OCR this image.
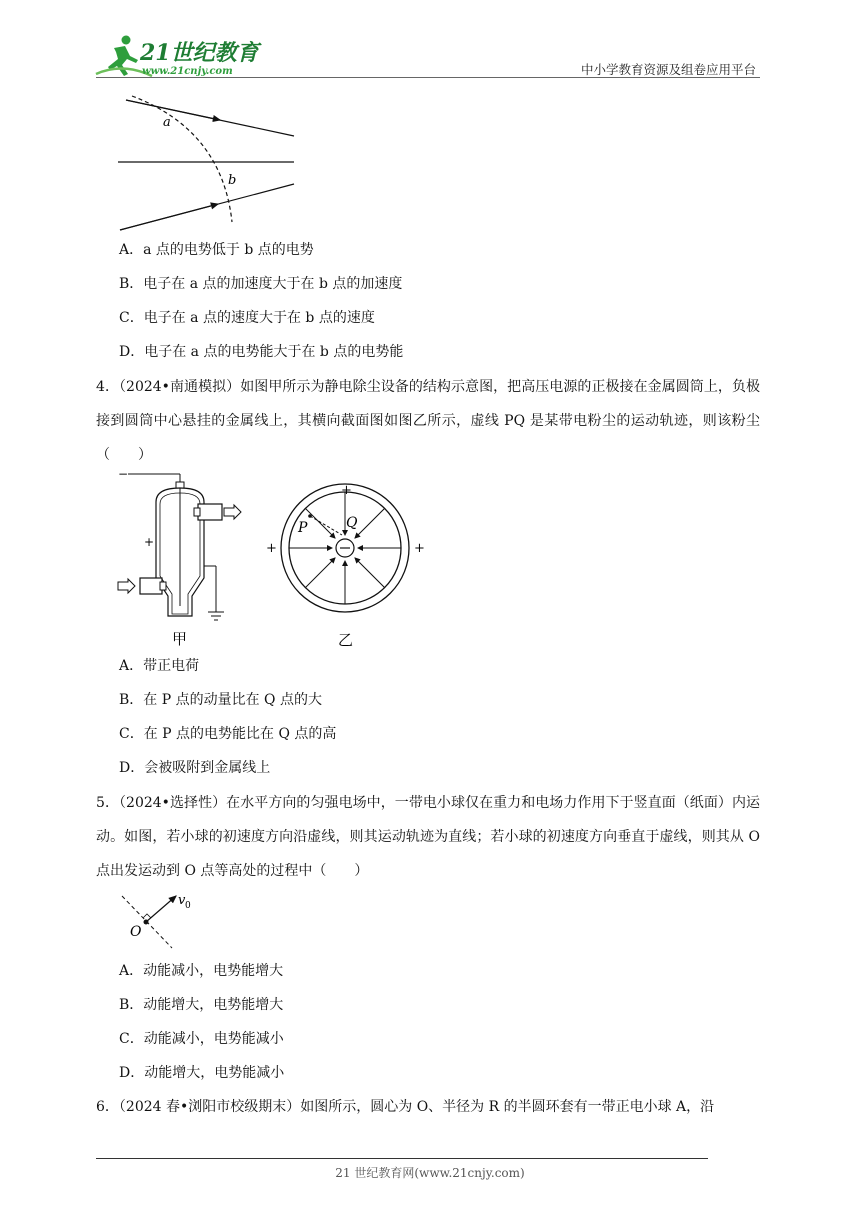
21世纪教育
www.21cnjy.com	中小学教育资源及组卷应用平台
a
b
A．a 点的电势低于 b 点的电势
B．电子在 a 点的加速度大于在 b 点的加速度
C．电子在 a 点的速度大于在 b 点的速度
D．电子在 a 点的电势能大于在 b 点的电势能
4．（2024•南通模拟）如图甲所示为静电除尘设备的结构示意图，把高压电源的正极接在金属圆筒上，负极接到圆筒中心悬挂的金属线上，其横向截面图如图乙所示，虚线 PQ 是某带电粉尘的运动轨迹，则该粉尘（　　）
−
+
甲
P	Q
+	+
+
乙
A．带正电荷
B．在 P 点的动量比在 Q 点的大
C．在 P 点的电势能比在 Q 点的高
D．会被吸附到金属线上
5．（2024•选择性）在水平方向的匀强电场中，一带电小球仅在重力和电场力作用下于竖直面（纸面）内运动。如图，若小球的初速度方向沿虚线，则其运动轨迹为直线；若小球的初速度方向垂直于虚线，则其从 O 点出发运动到 O 点等高处的过程中（　　）
O
v 0
A．动能减小，电势能增大
B．动能增大，电势能增大
C．动能减小，电势能减小
D．动能增大，电势能减小
6．（2024 春•浏阳市校级期末）如图所示，圆心为 O、半径为 R 的半圆环套有一带正电小球 A，沿
21 世纪教育网(www.21cnjy.com)
